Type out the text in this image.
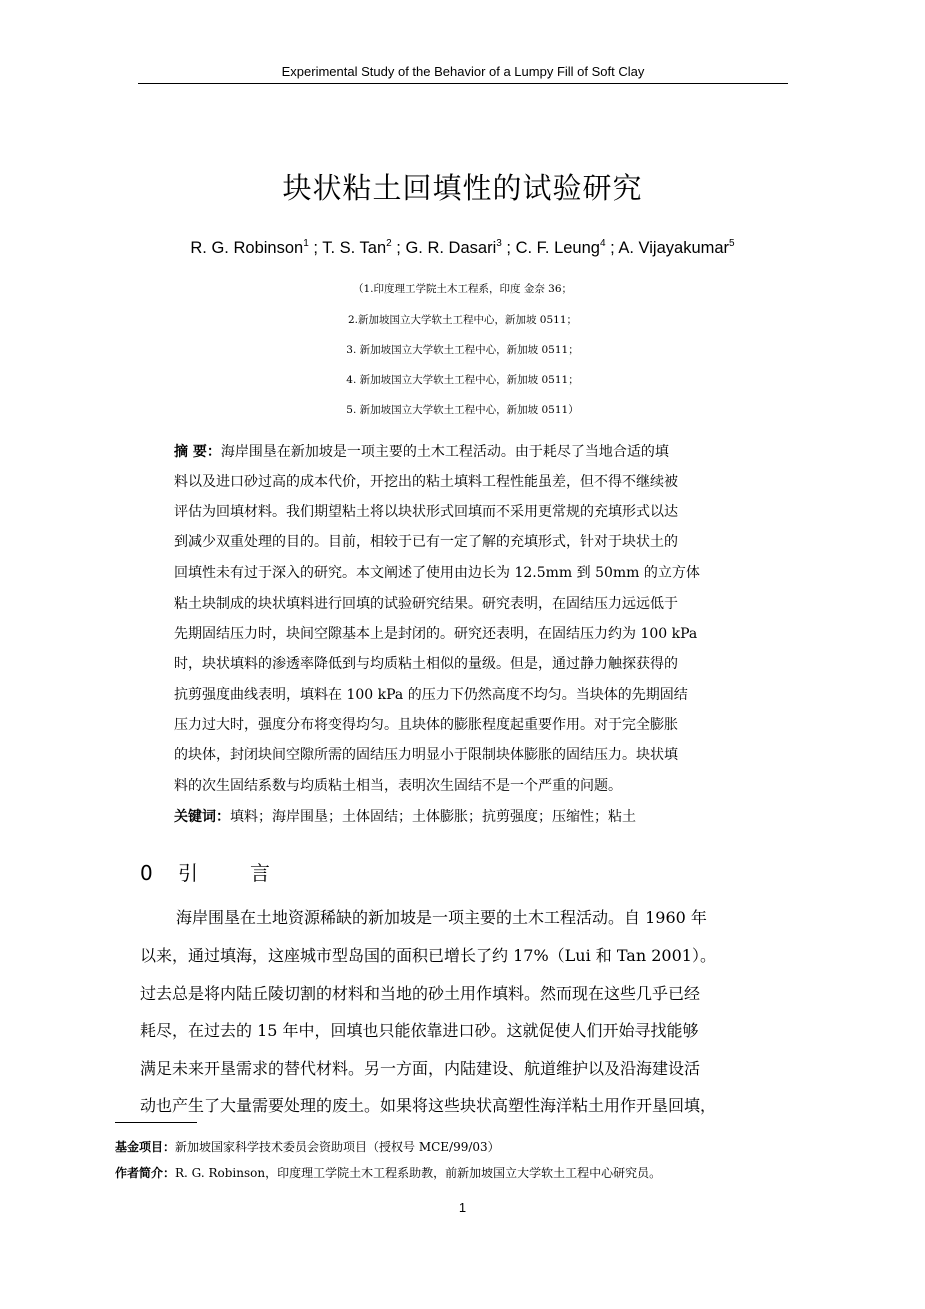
Experimental Study of the Behavior of a Lumpy Fill of Soft Clay
块状粘土回填性的试验研究
R. G. Robinson$^1$ ; T. S. Tan$^2$ ; G. R. Dasari$^3$ ; C. F. Leung$^4$ ; A. Vijayakumar$^5$
（1.印度理工学院土木工程系，印度 金奈 36；
2.新加坡国立大学软土工程中心，新加坡 0511；
3. 新加坡国立大学软土工程中心，新加坡 0511；
4. 新加坡国立大学软土工程中心，新加坡 0511；
5. 新加坡国立大学软土工程中心，新加坡 0511）
摘 要：海岸围垦在新加坡是一项主要的土木工程活动。由于耗尽了当地合适的填
料以及进口砂过高的成本代价，开挖出的粘土填料工程性能虽差，但不得不继续被
评估为回填材料。我们期望粘土将以块状形式回填而不采用更常规的充填形式以达
到减少双重处理的目的。目前，相较于已有一定了解的充填形式，针对于块状土的
回填性未有过于深入的研究。本文阐述了使用由边长为 12.5mm 到 50mm 的立方体
粘土块制成的块状填料进行回填的试验研究结果。研究表明，在固结压力远远低于
先期固结压力时，块间空隙基本上是封闭的。研究还表明，在固结压力约为 100 kPa
时，块状填料的渗透率降低到与均质粘土相似的量级。但是，通过静力触探获得的
抗剪强度曲线表明，填料在 100 kPa 的压力下仍然高度不均匀。当块体的先期固结
压力过大时，强度分布将变得均匀。且块体的膨胀程度起重要作用。对于完全膨胀
的块体，封闭块间空隙所需的固结压力明显小于限制块体膨胀的固结压力。块状填
料的次生固结系数与均质粘土相当，表明次生固结不是一个严重的问题。
关键词：填料；海岸围垦；土体固结；土体膨胀；抗剪强度；压缩性；粘土
0 引	言
海岸围垦在土地资源稀缺的新加坡是一项主要的土木工程活动。自 1960 年
以来，通过填海，这座城市型岛国的面积已增长了约 17%（Lui 和 Tan 2001）。
过去总是将内陆丘陵切割的材料和当地的砂土用作填料。然而现在这些几乎已经
耗尽，在过去的 15 年中，回填也只能依靠进口砂。这就促使人们开始寻找能够
满足未来开垦需求的替代材料。另一方面，内陆建设、航道维护以及沿海建设活
动也产生了大量需要处理的废土。如果将这些块状高塑性海洋粘土用作开垦回填，
基金项目：新加坡国家科学技术委员会资助项目（授权号 MCE/99/03）
作者简介：R. G. Robinson，印度理工学院土木工程系助教，前新加坡国立大学软土工程中心研究员。
1
